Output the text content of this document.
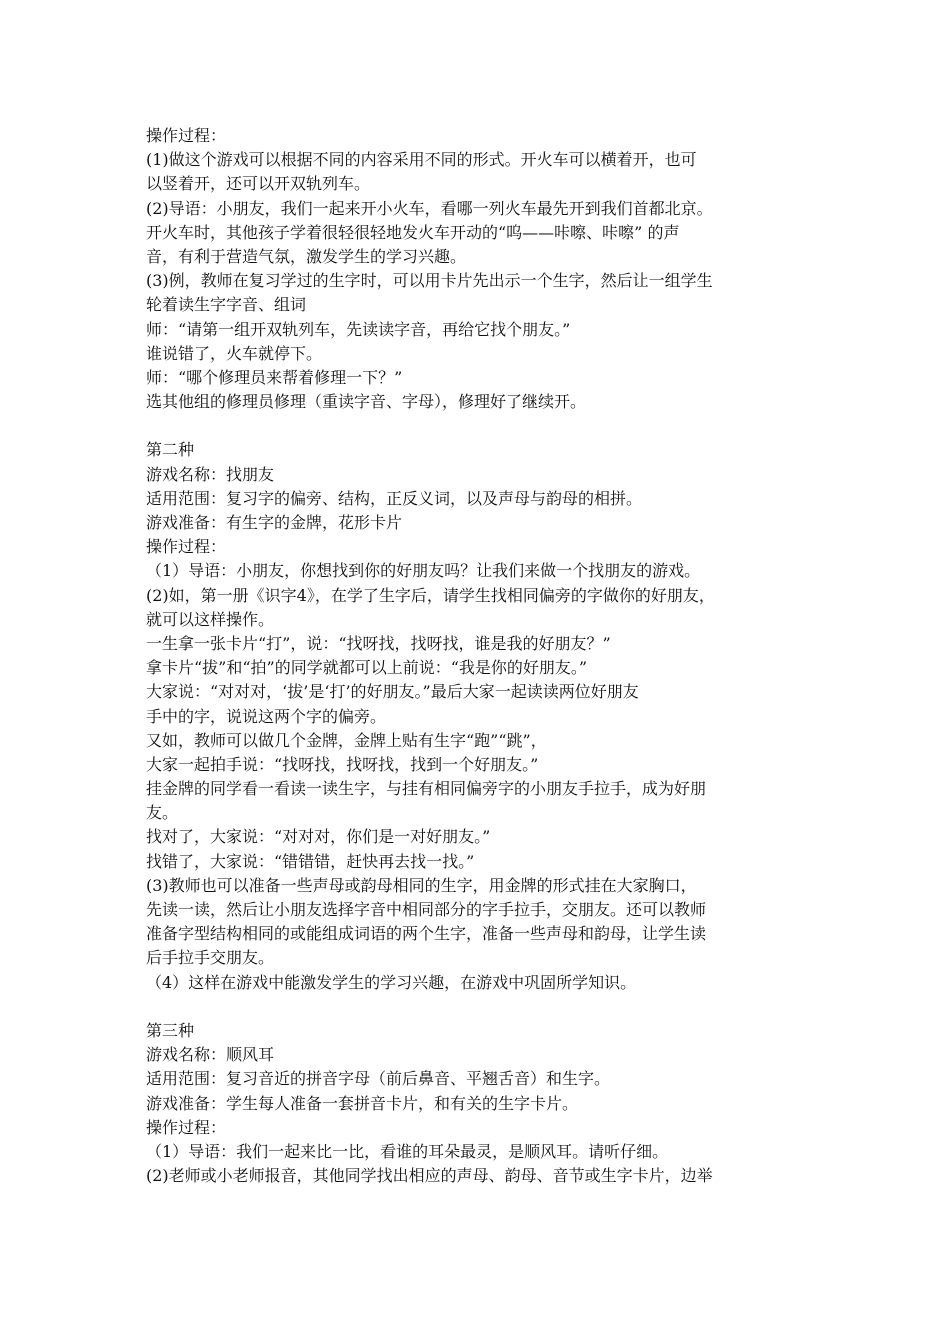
操作过程：
(1)做这个游戏可以根据不同的内容采用不同的形式。开火车可以横着开，也可
以竖着开，还可以开双轨列车。
(2)导语：小朋友，我们一起来开小火车，看哪一列火车最先开到我们首都北京。
开火车时，其他孩子学着很轻很轻地发火车开动的“呜——咔嚓、咔嚓” 的声
音，有利于营造气氛，激发学生的学习兴趣。
(3)例，教师在复习学过的生字时，可以用卡片先出示一个生字，然后让一组学生
轮着读生字字音、组词
师：“请第一组开双轨列车，先读读字音，再给它找个朋友。”
谁说错了，火车就停下。
师：“哪个修理员来帮着修理一下？”
选其他组的修理员修理（重读字音、字母），修理好了继续开。
第二种
游戏名称：找朋友
适用范围：复习字的偏旁、结构，正反义词，以及声母与韵母的相拼。
游戏准备：有生字的金牌，花形卡片
操作过程：
（1）导语：小朋友，你想找到你的好朋友吗？让我们来做一个找朋友的游戏。
(2)如，第一册《识字4》，在学了生字后，请学生找相同偏旁的字做你的好朋友，
就可以这样操作。
一生拿一张卡片“打”，说：“找呀找，找呀找，谁是我的好朋友？”
拿卡片“拔”和“拍”的同学就都可以上前说：“我是你的好朋友。”
大家说：“对对对，‘拔’是‘打’的好朋友。”最后大家一起读读两位好朋友
手中的字，说说这两个字的偏旁。
又如，教师可以做几个金牌，金牌上贴有生字“跑”“跳”，
大家一起拍手说：“找呀找，找呀找，找到一个好朋友。”
挂金牌的同学看一看读一读生字，与挂有相同偏旁字的小朋友手拉手，成为好朋
友。
找对了，大家说：“对对对，你们是一对好朋友。”
找错了，大家说：“错错错，赶快再去找一找。”
(3)教师也可以准备一些声母或韵母相同的生字，用金牌的形式挂在大家胸口，
先读一读，然后让小朋友选择字音中相同部分的字手拉手，交朋友。还可以教师
准备字型结构相同的或能组成词语的两个生字，准备一些声母和韵母，让学生读
后手拉手交朋友。
（4）这样在游戏中能激发学生的学习兴趣，在游戏中巩固所学知识。
第三种
游戏名称：顺风耳
适用范围：复习音近的拼音字母（前后鼻音、平翘舌音）和生字。
游戏准备：学生每人准备一套拼音卡片，和有关的生字卡片。
操作过程：
（1）导语：我们一起来比一比，看谁的耳朵最灵，是顺风耳。请听仔细。
(2)老师或小老师报音，其他同学找出相应的声母、韵母、音节或生字卡片，边举
